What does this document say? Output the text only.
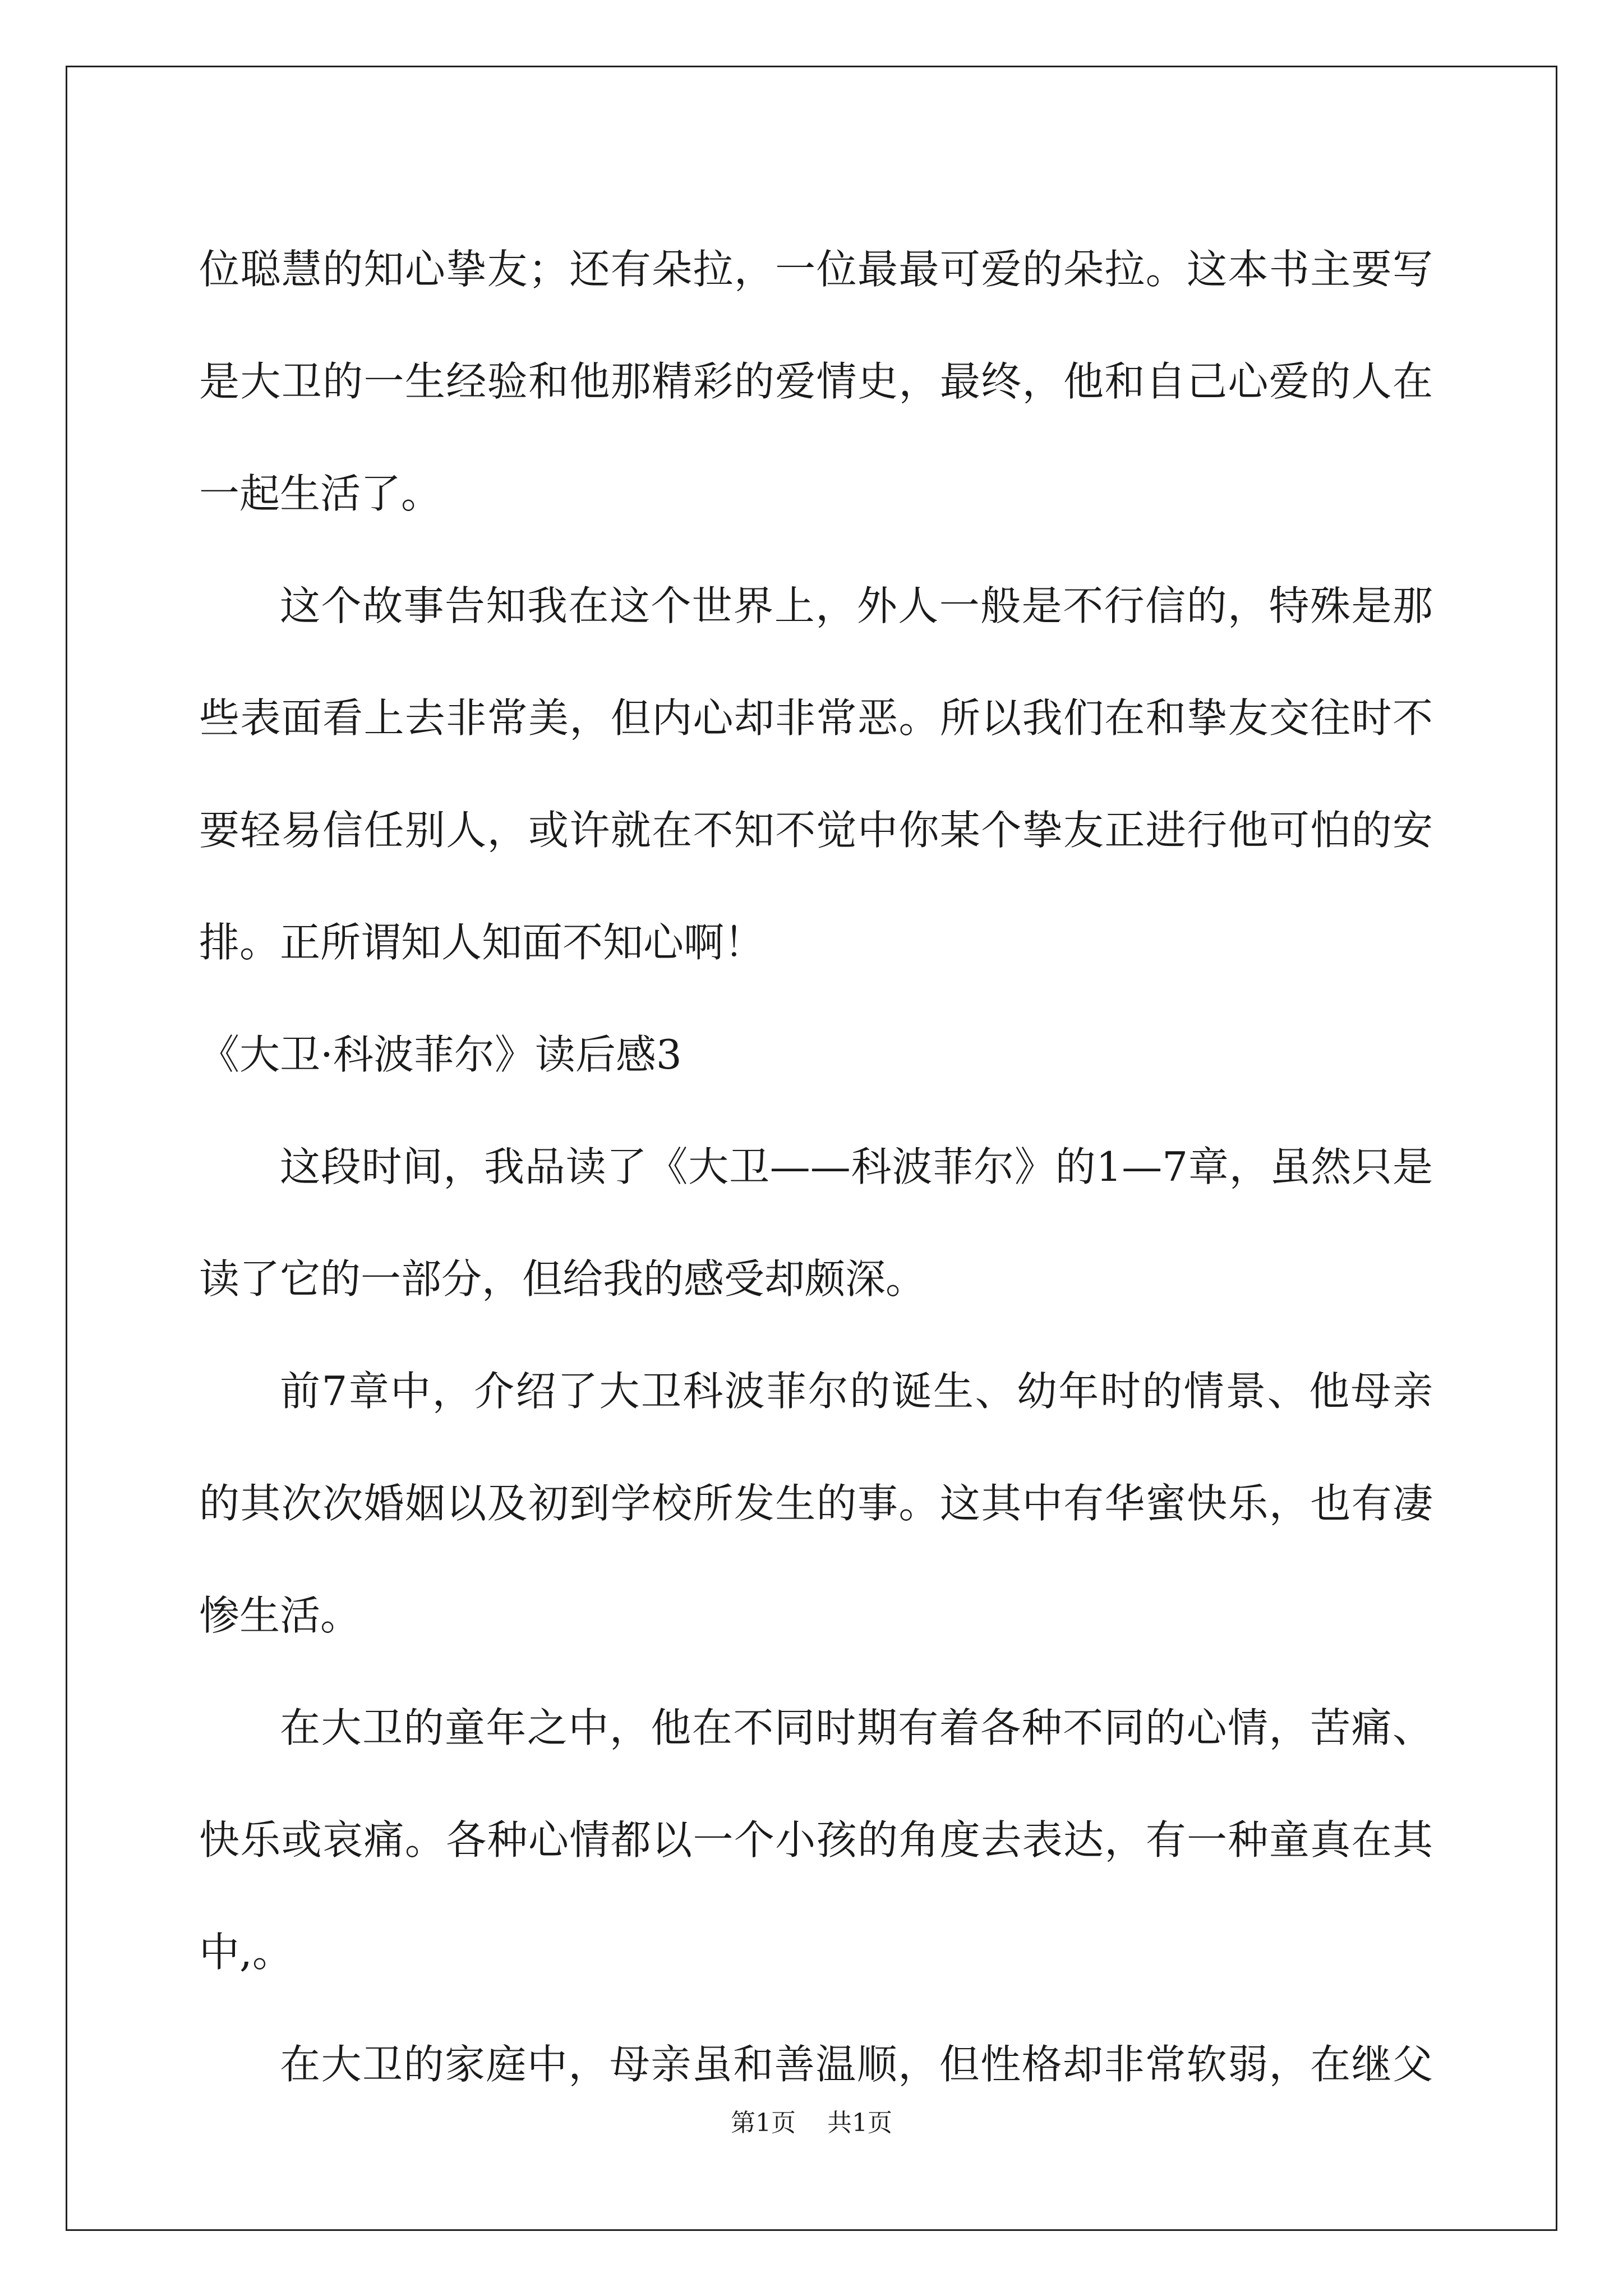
位聪慧的知心挚友；还有朵拉，一位最最可爱的朵拉。这本书主要写
是大卫的一生经验和他那精彩的爱情史，最终，他和自己心爱的人在
一起生活了。
这个故事告知我在这个世界上，外人一般是不行信的，特殊是那
些表面看上去非常美，但内心却非常恶。所以我们在和挚友交往时不
要轻易信任别人，或许就在不知不觉中你某个挚友正进行他可怕的安
排。正所谓知人知面不知心啊！
《大卫·科波菲尔》读后感3
这段时间，我品读了《大卫——科波菲尔》的1—7章，虽然只是
读了它的一部分，但给我的感受却颇深。
前7章中，介绍了大卫科波菲尔的诞生、幼年时的情景、他母亲
的其次次婚姻以及初到学校所发生的事。这其中有华蜜快乐，也有凄
惨生活。
在大卫的童年之中，他在不同时期有着各种不同的心情，苦痛、
快乐或哀痛。各种心情都以一个小孩的角度去表达，有一种童真在其
中,。
在大卫的家庭中，母亲虽和善温顺，但性格却非常软弱，在继父
第1页 共1页
